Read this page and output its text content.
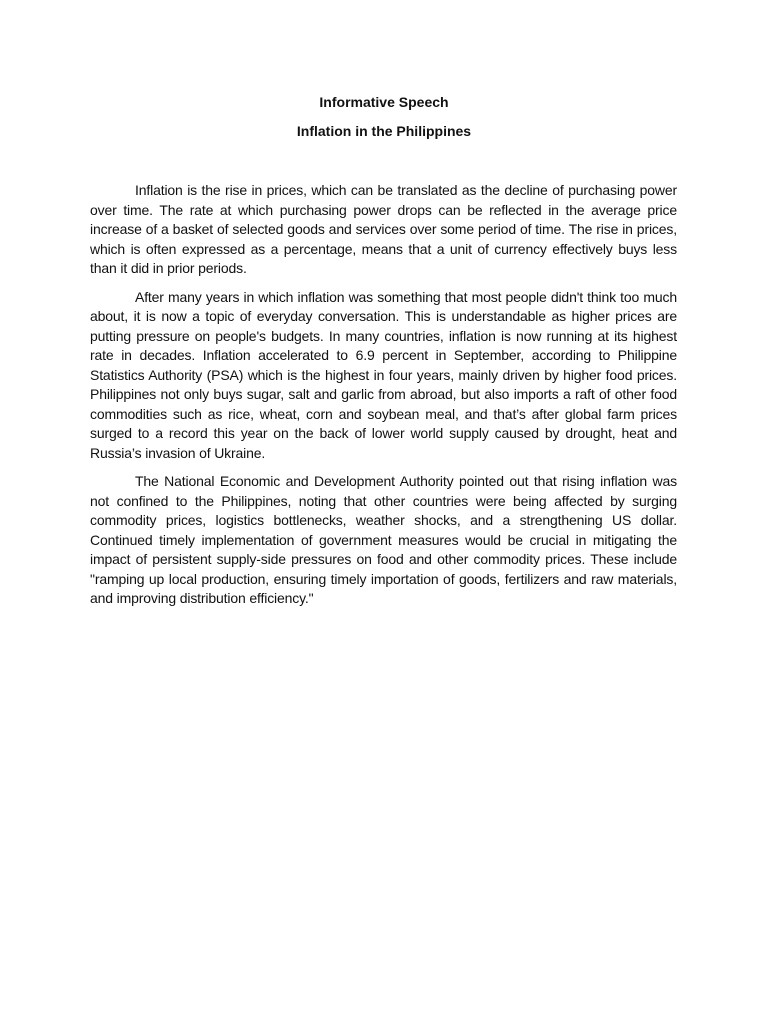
Informative Speech
Inflation in the Philippines

Inflation is the rise in prices, which can be translated as the decline of purchasing power over time. The rate at which purchasing power drops can be reflected in the average price increase of a basket of selected goods and services over some period of time. The rise in prices, which is often expressed as a percentage, means that a unit of currency effectively buys less than it did in prior periods.

After many years in which inflation was something that most people didn't think too much about, it is now a topic of everyday conversation. This is understandable as higher prices are putting pressure on people's budgets. In many countries, inflation is now running at its highest rate in decades. Inflation accelerated to 6.9 percent in September, according to Philippine Statistics Authority (PSA) which is the highest in four years, mainly driven by higher food prices. Philippines not only buys sugar, salt and garlic from abroad, but also imports a raft of other food commodities such as rice, wheat, corn and soybean meal, and that’s after global farm prices surged to a record this year on the back of lower world supply caused by drought, heat and Russia’s invasion of Ukraine.

The National Economic and Development Authority pointed out that rising inflation was not confined to the Philippines, noting that other countries were being affected by surging commodity prices, logistics bottlenecks, weather shocks, and a strengthening US dollar. Continued timely implementation of government measures would be crucial in mitigating the impact of persistent supply-side pressures on food and other commodity prices. These include "ramping up local production, ensuring timely importation of goods, fertilizers and raw materials, and improving distribution efficiency."
